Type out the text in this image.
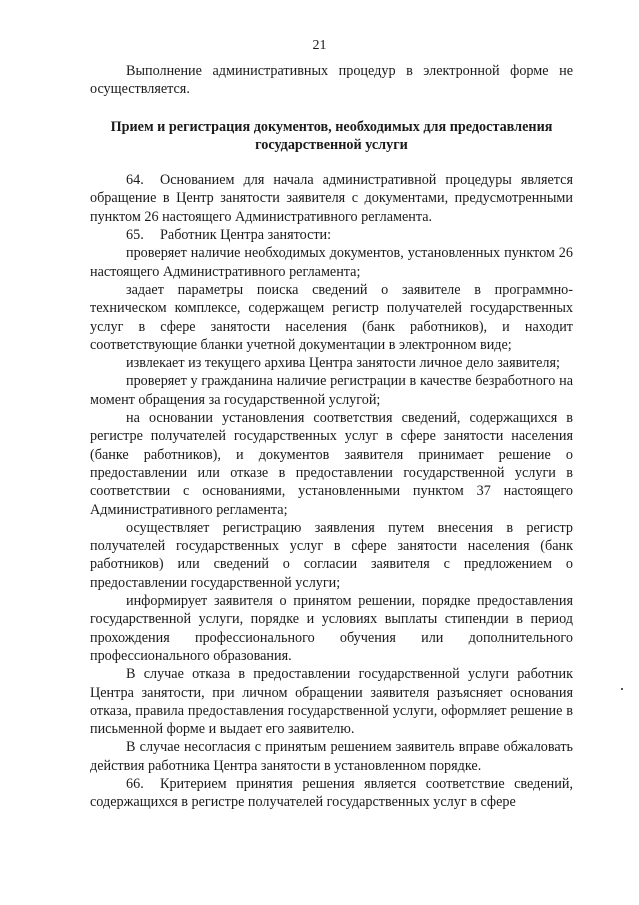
21

Выполнение административных процедур в электронной форме не осуществляется.

Прием и регистрация документов, необходимых для предоставления государственной услуги

64. Основанием для начала административной процедуры является обращение в Центр занятости заявителя с документами, предусмотренными пунктом 26 настоящего Административного регламента.

65. Работник Центра занятости:

проверяет наличие необходимых документов, установленных пунктом 26 настоящего Административного регламента;

задает параметры поиска сведений о заявителе в программно-техническом комплексе, содержащем регистр получателей государственных услуг в сфере занятости населения (банк работников), и находит соответствующие бланки учетной документации в электронном виде;

извлекает из текущего архива Центра занятости личное дело заявителя;

проверяет у гражданина наличие регистрации в качестве безработного на момент обращения за государственной услугой;

на основании установления соответствия сведений, содержащихся в регистре получателей государственных услуг в сфере занятости населения (банке работников), и документов заявителя принимает решение о предоставлении или отказе в предоставлении государственной услуги в соответствии с основаниями, установленными пунктом 37 настоящего Административного регламента;

осуществляет регистрацию заявления путем внесения в регистр получателей государственных услуг в сфере занятости населения (банк работников) или сведений о согласии заявителя с предложением о предоставлении государственной услуги;

информирует заявителя о принятом решении, порядке предоставления государственной услуги, порядке и условиях выплаты стипендии в период прохождения профессионального обучения или дополнительного профессионального образования.

В случае отказа в предоставлении государственной услуги работник Центра занятости, при личном обращении заявителя разъясняет основания отказа, правила предоставления государственной услуги, оформляет решение в письменной форме и выдает его заявителю.

В случае несогласия с принятым решением заявитель вправе обжаловать действия работника Центра занятости в установленном порядке.

66. Критерием принятия решения является соответствие сведений, содержащихся в регистре получателей государственных услуг в сфере
